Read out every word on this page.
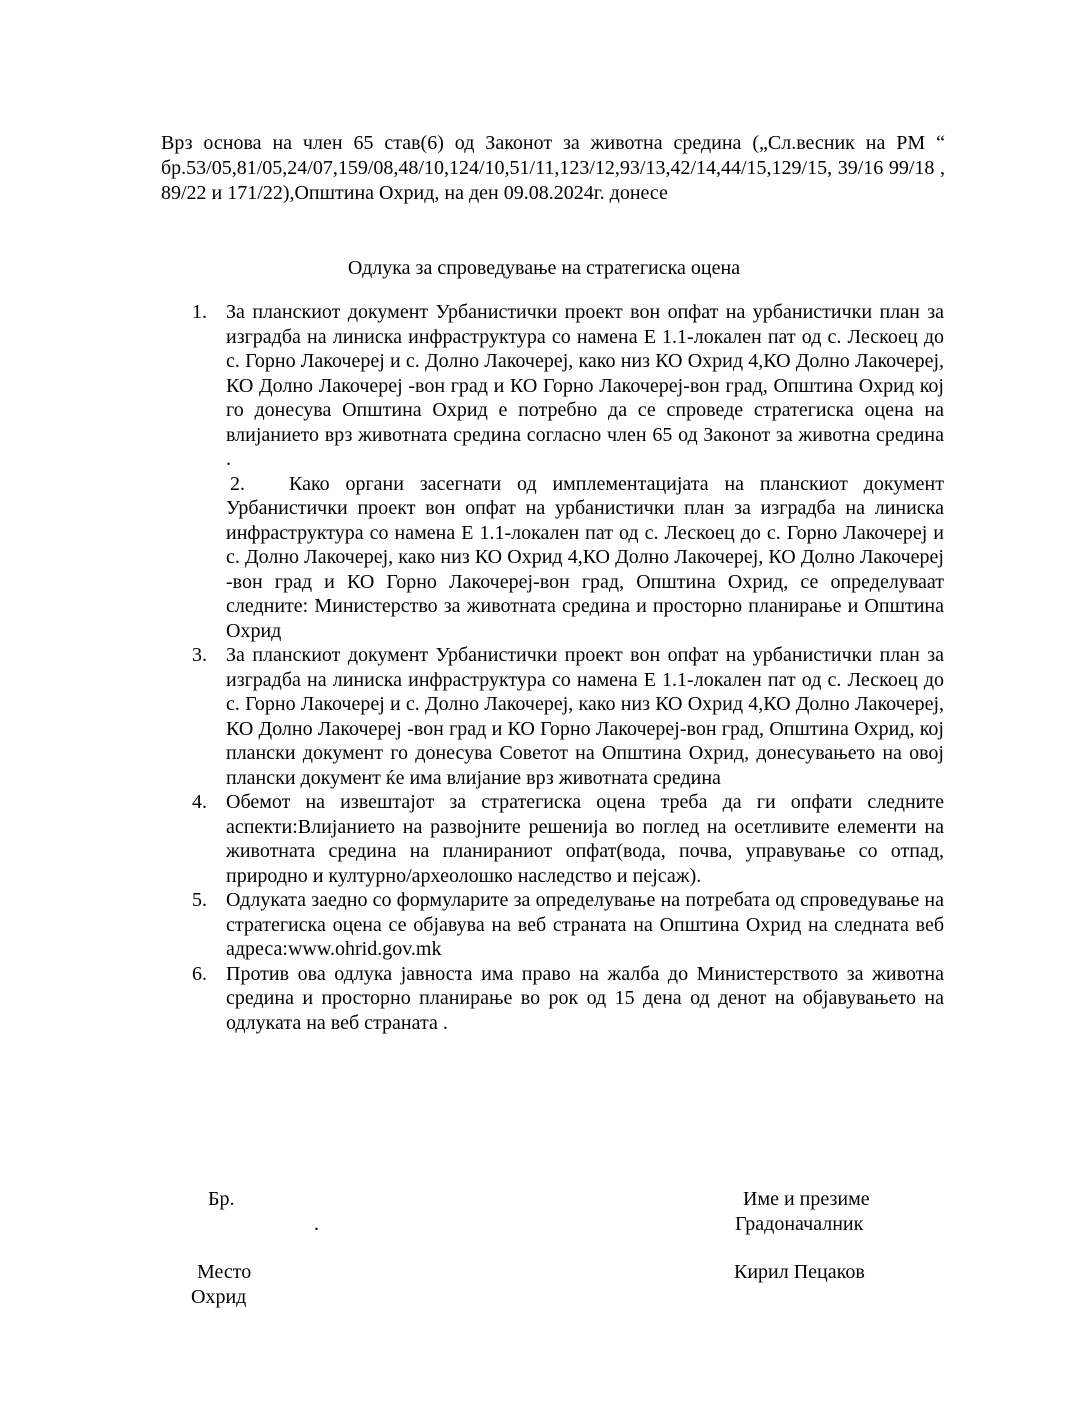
Врз основа на член 65 став(6) од Законот за животна средина („Сл.весник на РМ “ бр.53/05,81/05,24/07,159/08,48/10,124/10,51/11,123/12,93/13,42/14,44/15,129/15, 39/16 99/18 , 89/22 и 171/22),Општина Охрид, на ден 09.08.2024г. донесе

Одлука за спроведување на стратегиска оцена
1. За планскиот документ Урбанистички проект вон опфат на урбанистички план за изградба на линиска инфраструктура со намена Е 1.1-локален пат од с. Лескоец до с. Горно Лакочереј и с. Долно Лакочереј, како низ КО Охрид 4,КО Долно Лакочереј, КО Долно Лакочереј -вон град и КО Горно Лакочереј-вон град, Општина Охрид кој го донесува Општина Охрид е потребно да се спроведе стратегиска оцена на влијанието врз животната средина согласно член 65 од Законот за животна средина .
2.	Како органи засегнати од имплементацијата на планскиот документ Урбанистички проект вон опфат на урбанистички план за изградба на линиска инфраструктура со намена Е 1.1-локален пат од с. Лескоец до с. Горно Лакочереј и с. Долно Лакочереј, како низ КО Охрид 4,КО Долно Лакочереј, КО Долно Лакочереј -вон град и КО Горно Лакочереј-вон град, Општина Охрид, се определуваат следните: Министерство за животната средина и просторно планирање и Општина Охрид
3. За планскиот документ Урбанистички проект вон опфат на урбанистички план за изградба на линиска инфраструктура со намена Е 1.1-локален пат од с. Лескоец до с. Горно Лакочереј и с. Долно Лакочереј, како низ КО Охрид 4,КО Долно Лакочереј, КО Долно Лакочереј -вон град и КО Горно Лакочереј-вон град, Општина Охрид, кој плански документ го донесува Советот на Општина Охрид, донесувањето на овој плански документ ќе има влијание врз животната средина
4. Обемот на извештајот за стратегиска оцена треба да ги опфати следните аспекти:Влијанието на развојните решенија во поглед на осетливите елементи на животната средина на планираниот опфат(вода, почва, управување со отпад, природно и културно/археолошко наследство и пејсаж).
5. Одлуката заедно со формуларите за определување на потребата од спроведување на стратегиска оцена се објавува на веб страната на Општина Охрид на следната веб адреса:www.ohrid.gov.mk
6. Против ова одлука јавноста има право на жалба до Министерството за животна средина и просторно планирање во рок од 15 дена од денот на објавувањето на одлуката на веб страната .
Бр.
.
Место
Охрид
Име и презиме
Градоначалник
Кирил Пецаков
